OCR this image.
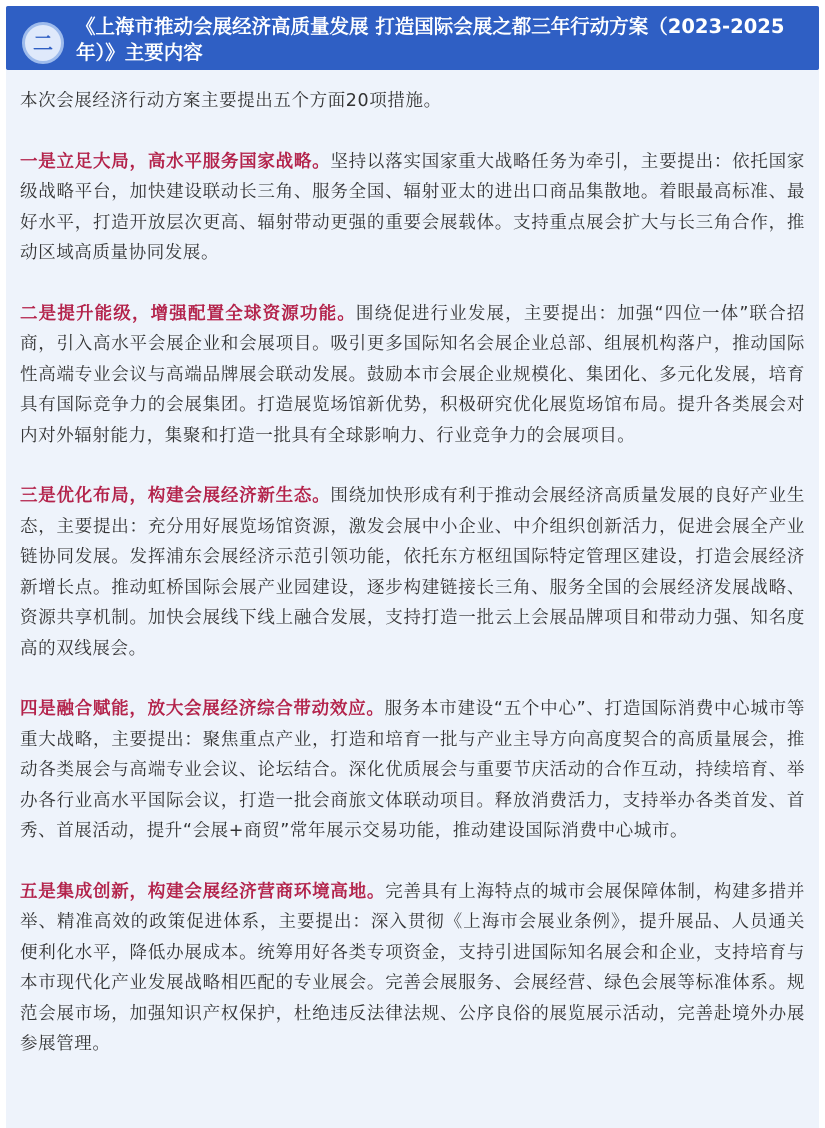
二
《上海市推动会展经济高质量发展 打造国际会展之都三年行动方案（2023-2025年）》主要内容

本次会展经济行动方案主要提出五个方面20项措施。

一是立足大局，高水平服务国家战略。坚持以落实国家重大战略任务为牵引，主要提出：依托国家级战略平台，加快建设联动长三角、服务全国、辐射亚太的进出口商品集散地。着眼最高标准、最好水平，打造开放层次更高、辐射带动更强的重要会展载体。支持重点展会扩大与长三角合作，推动区域高质量协同发展。

二是提升能级，增强配置全球资源功能。围绕促进行业发展，主要提出：加强“四位一体”联合招商，引入高水平会展企业和会展项目。吸引更多国际知名会展企业总部、组展机构落户，推动国际性高端专业会议与高端品牌展会联动发展。鼓励本市会展企业规模化、集团化、多元化发展，培育具有国际竞争力的会展集团。打造展览场馆新优势，积极研究优化展览场馆布局。提升各类展会对内对外辐射能力，集聚和打造一批具有全球影响力、行业竞争力的会展项目。

三是优化布局，构建会展经济新生态。围绕加快形成有利于推动会展经济高质量发展的良好产业生态，主要提出：充分用好展览场馆资源，激发会展中小企业、中介组织创新活力，促进会展全产业链协同发展。发挥浦东会展经济示范引领功能，依托东方枢纽国际特定管理区建设，打造会展经济新增长点。推动虹桥国际会展产业园建设，逐步构建链接长三角、服务全国的会展经济发展战略、资源共享机制。加快会展线下线上融合发展，支持打造一批云上会展品牌项目和带动力强、知名度高的双线展会。

四是融合赋能，放大会展经济综合带动效应。服务本市建设“五个中心”、打造国际消费中心城市等重大战略，主要提出：聚焦重点产业，打造和培育一批与产业主导方向高度契合的高质量展会，推动各类展会与高端专业会议、论坛结合。深化优质展会与重要节庆活动的合作互动，持续培育、举办各行业高水平国际会议，打造一批会商旅文体联动项目。释放消费活力，支持举办各类首发、首秀、首展活动，提升“会展+商贸”常年展示交易功能，推动建设国际消费中心城市。

五是集成创新，构建会展经济营商环境高地。完善具有上海特点的城市会展保障体制，构建多措并举、精准高效的政策促进体系，主要提出：深入贯彻《上海市会展业条例》，提升展品、人员通关便利化水平，降低办展成本。统筹用好各类专项资金，支持引进国际知名展会和企业，支持培育与本市现代化产业发展战略相匹配的专业展会。完善会展服务、会展经营、绿色会展等标准体系。规范会展市场，加强知识产权保护，杜绝违反法律法规、公序良俗的展览展示活动，完善赴境外办展参展管理。
